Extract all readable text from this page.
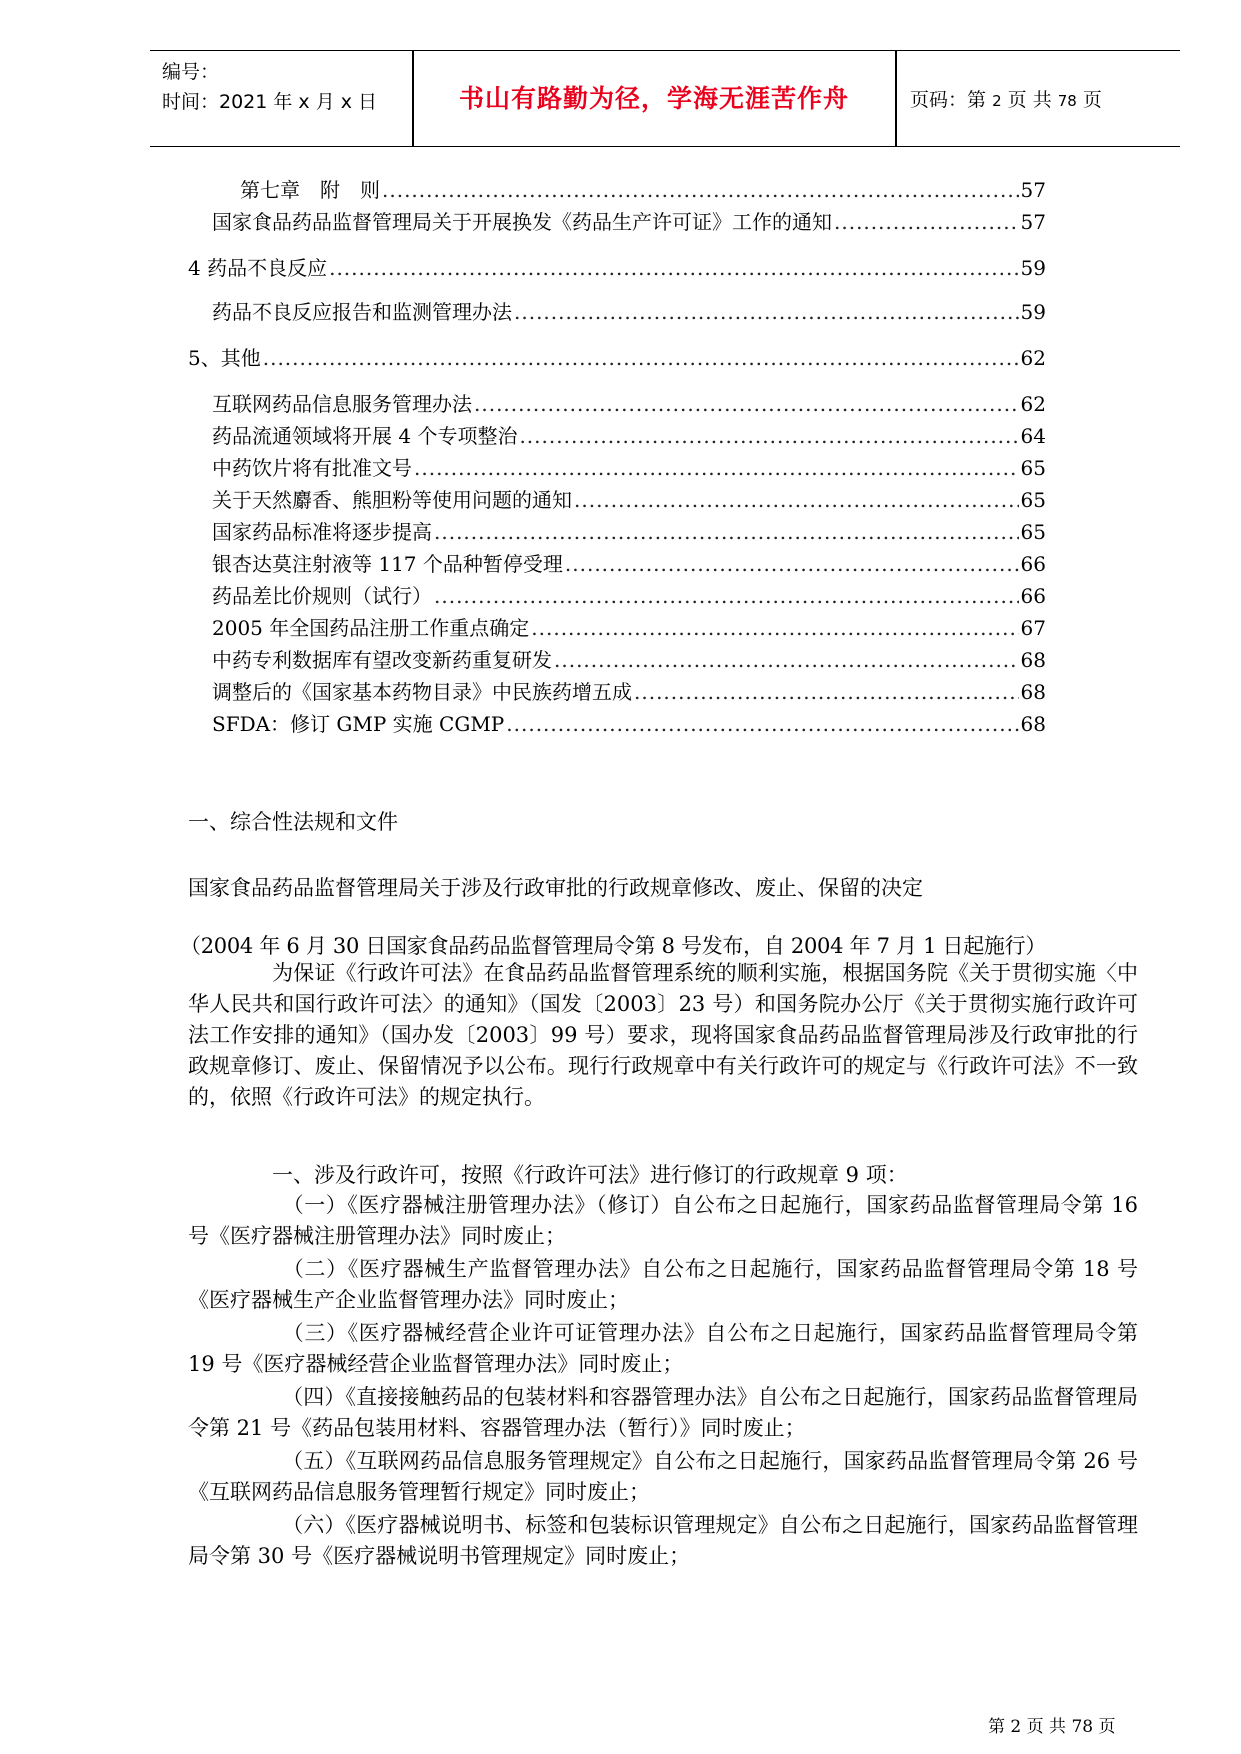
编号：
时间：2021 年 x 月 x 日	书山有路勤为径，学海无涯苦作舟	页码：第 2 页 共 78 页
第七章　附　则 .....	57
国家食品药品监督管理局关于开展换发《药品生产许可证》工作的通知 .....	57
4 药品不良反应 .....	59
药品不良反应报告和监测管理办法 .....	59
5、其他 .....	62
互联网药品信息服务管理办法 .....	62
药品流通领域将开展 4 个专项整治 .....	64
中药饮片将有批准文号 .....	65
关于天然麝香、熊胆粉等使用问题的通知 .....	65
国家药品标准将逐步提高 .....	65
银杏达莫注射液等 117 个品种暂停受理 .....	66
药品差比价规则（试行） .....	66
2005 年全国药品注册工作重点确定 .....	67
中药专利数据库有望改变新药重复研发 .....	68
调整后的《国家基本药物目录》中民族药增五成 .....	68
SFDA：修订 GMP 实施 CGMP .....	68
一、综合性法规和文件
国家食品药品监督管理局关于涉及行政审批的行政规章修改、废止、保留的决定
（2004 年 6 月 30 日国家食品药品监督管理局令第 8 号发布，自 2004 年 7 月 1 日起施行）
为保证《行政许可法》在食品药品监督管理系统的顺利实施，根据国务院《关于贯彻实施〈中华人民共和国行政许可法〉的通知》（国发〔2003〕23 号）和国务院办公厅《关于贯彻实施行政许可法工作安排的通知》（国办发〔2003〕99 号）要求，现将国家食品药品监督管理局涉及行政审批的行政规章修订、废止、保留情况予以公布。现行行政规章中有关行政许可的规定与《行政许可法》不一致的，依照《行政许可法》的规定执行。
一、涉及行政许可，按照《行政许可法》进行修订的行政规章 9 项：
（一）《医疗器械注册管理办法》（修订）自公布之日起施行，国家药品监督管理局令第 16 号《医疗器械注册管理办法》同时废止；
（二）《医疗器械生产监督管理办法》自公布之日起施行，国家药品监督管理局令第 18 号《医疗器械生产企业监督管理办法》同时废止；
（三）《医疗器械经营企业许可证管理办法》自公布之日起施行，国家药品监督管理局令第 19 号《医疗器械经营企业监督管理办法》同时废止；
（四）《直接接触药品的包装材料和容器管理办法》自公布之日起施行，国家药品监督管理局令第 21 号《药品包装用材料、容器管理办法（暂行）》同时废止；
（五）《互联网药品信息服务管理规定》自公布之日起施行，国家药品监督管理局令第 26 号《互联网药品信息服务管理暂行规定》同时废止；
（六）《医疗器械说明书、标签和包装标识管理规定》自公布之日起施行，国家药品监督管理局令第 30 号《医疗器械说明书管理规定》同时废止；
第 2 页 共 78 页
